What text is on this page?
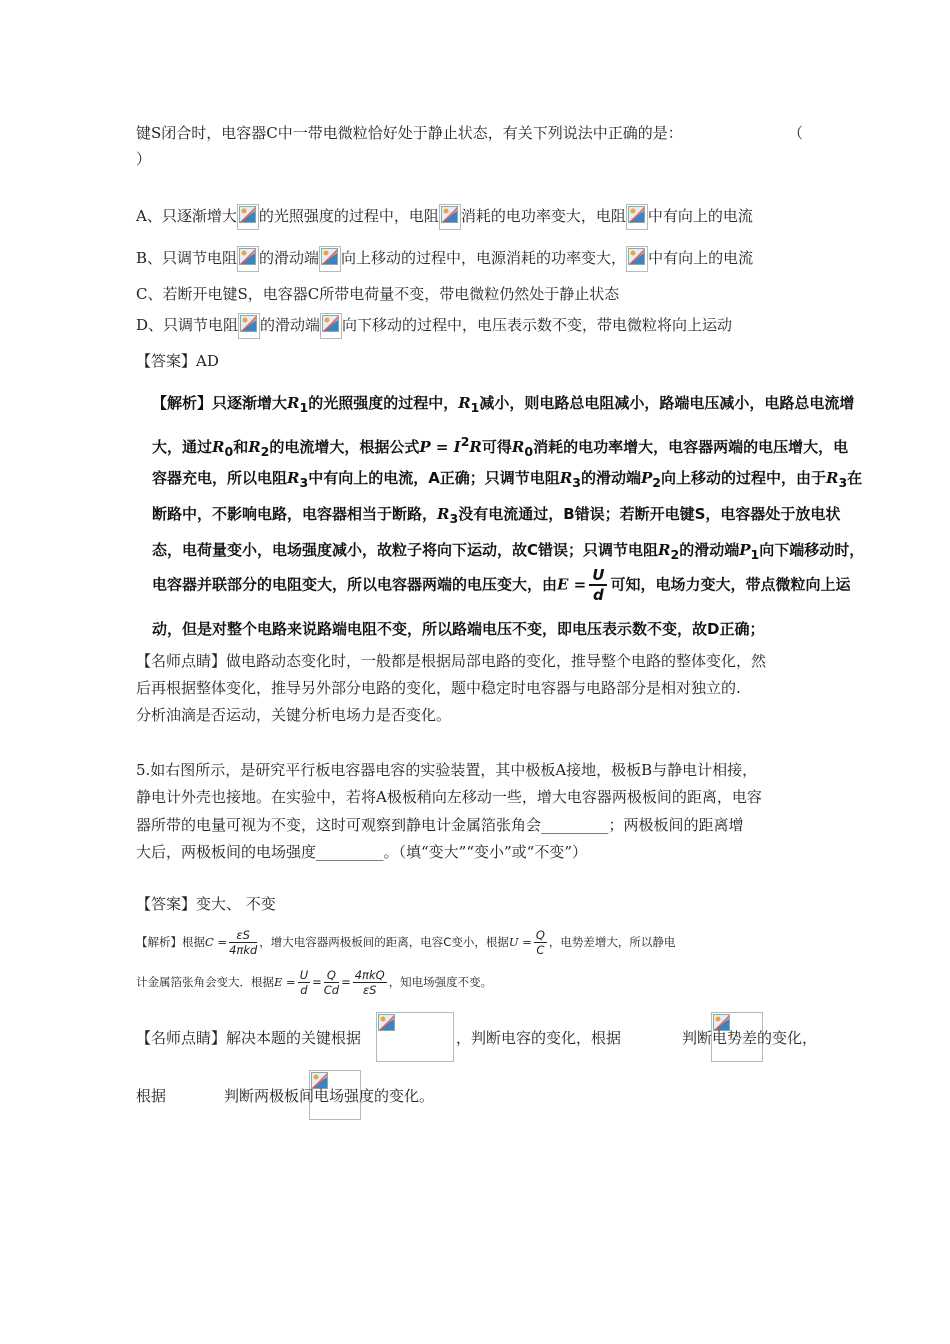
键S闭合时，电容器C中一带电微粒恰好处于静止状态，有关下列说法中正确的是：	（
）
A、只逐渐增大 的光照强度的过程中，电阻 消耗的电功率变大，电阻 中有向上的电流
B、只调节电阻 的滑动端 向上移动的过程中，电源消耗的功率变大， 中有向上的电流
C、若断开电键S，电容器C所带电荷量不变，带电微粒仍然处于静止状态
D、只调节电阻 的滑动端 向下移动的过程中，电压表示数不变，带电微粒将向上运动
【答案】AD
【解析】只逐渐增大$R_1$的光照强度的过程中，$R_1$减小，则电路总电阻减小，路端电压减小，电路总电流增
大，通过$R_0$和$R_2$的电流增大，根据公式$P = I^2R$可得$R_0$消耗的电功率增大，电容器两端的电压增大，电
容器充电，所以电阻$R_3$中有向上的电流，A正确；只调节电阻$R_3$的滑动端$P_2$向上移动的过程中，由于$R_3$在
断路中，不影响电路，电容器相当于断路，$R_3$没有电流通过，B错误；若断开电键S，电容器处于放电状
态，电荷量变小，电场强度减小，故粒子将向下运动，故C错误；只调节电阻$R_2$的滑动端$P_1$向下端移动时，
电容器并联部分的电阻变大，所以电容器两端的电压变大，由$E = \frac{U}{d}$ 可知，电场力变大，带点微粒向上运
动，但是对整个电路来说路端电阻不变，所以路端电压不变，即电压表示数不变，故D正确；
【名师点睛】做电路动态变化时，一般都是根据局部电路的变化，推导整个电路的整体变化，然
后再根据整体变化，推导另外部分电路的变化，题中稳定时电容器与电路部分是相对独立的.
分析油滴是否运动，关键分析电场力是否变化。
5.如右图所示，是研究平行板电容器电容的实验装置，其中极板A接地，极板B与静电计相接，
静电计外壳也接地。在实验中，若将A极板稍向左移动一些，增大电容器两极板间的距离，电容
器所带的电量可视为不变，这时可观察到静电计金属箔张角会_________；两极板间的距离增
大后，两极板间的电场强度_________。（填“变大”“变小”或“不变”）
【答案】变大、 不变
【解析】根据$C = \frac{\varepsilon S}{\text{4πkd}}$ ，增大电容器两极板间的距离，电容C变小，根据$U = \frac{Q}{C}$ ，电势差增大，所以静电
计金属箔张角会变大．根据$E = \frac{U}{d} = \frac{Q}{Cd} = \frac{\text{4πkQ}}{\varepsilon S}$ ，知电场强度不变。
【名师点睛】解决本题的关键根据
	，判断电容的变化，根据
	判断电势差的变化，
根据	判断两极板间电场强度的变化。
